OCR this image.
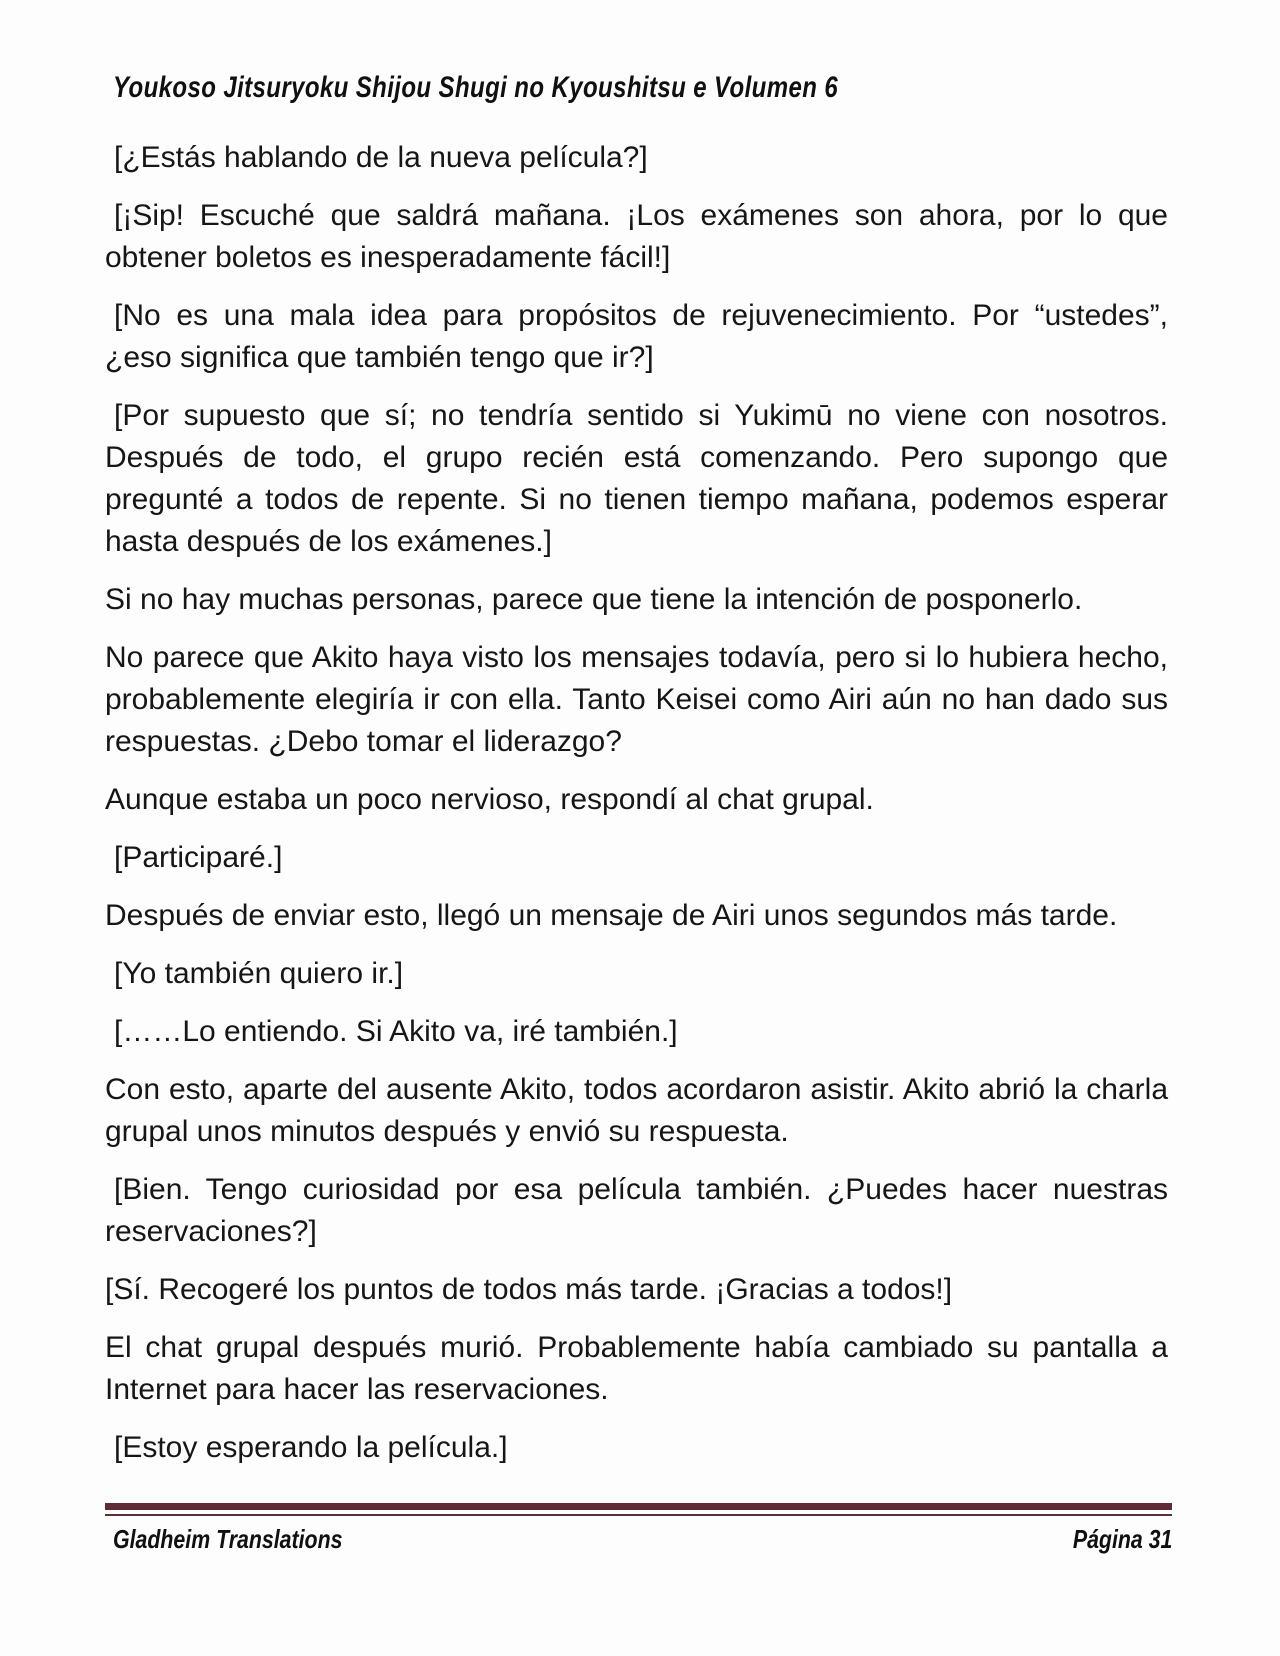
Youkoso Jitsuryoku Shijou Shugi no Kyoushitsu e Volumen 6

[¿Estás hablando de la nueva película?]

[¡Sip! Escuché que saldrá mañana. ¡Los exámenes son ahora, por lo que obtener boletos es inesperadamente fácil!]

[No es una mala idea para propósitos de rejuvenecimiento. Por “ustedes”, ¿eso significa que también tengo que ir?]

[Por supuesto que sí; no tendría sentido si Yukimū no viene con nosotros. Después de todo, el grupo recién está comenzando. Pero supongo que pregunté a todos de repente. Si no tienen tiempo mañana, podemos esperar hasta después de los exámenes.]

Si no hay muchas personas, parece que tiene la intención de posponerlo.

No parece que Akito haya visto los mensajes todavía, pero si lo hubiera hecho, probablemente elegiría ir con ella. Tanto Keisei como Airi aún no han dado sus respuestas. ¿Debo tomar el liderazgo?

Aunque estaba un poco nervioso, respondí al chat grupal.

[Participaré.]

Después de enviar esto, llegó un mensaje de Airi unos segundos más tarde.

[Yo también quiero ir.]

[……Lo entiendo. Si Akito va, iré también.]

Con esto, aparte del ausente Akito, todos acordaron asistir. Akito abrió la charla grupal unos minutos después y envió su respuesta.

[Bien. Tengo curiosidad por esa película también. ¿Puedes hacer nuestras reservaciones?]

[Sí. Recogeré los puntos de todos más tarde. ¡Gracias a todos!]

El chat grupal después murió. Probablemente había cambiado su pantalla a Internet para hacer las reservaciones.

[Estoy esperando la película.]

Gladheim Translations	Página 31
